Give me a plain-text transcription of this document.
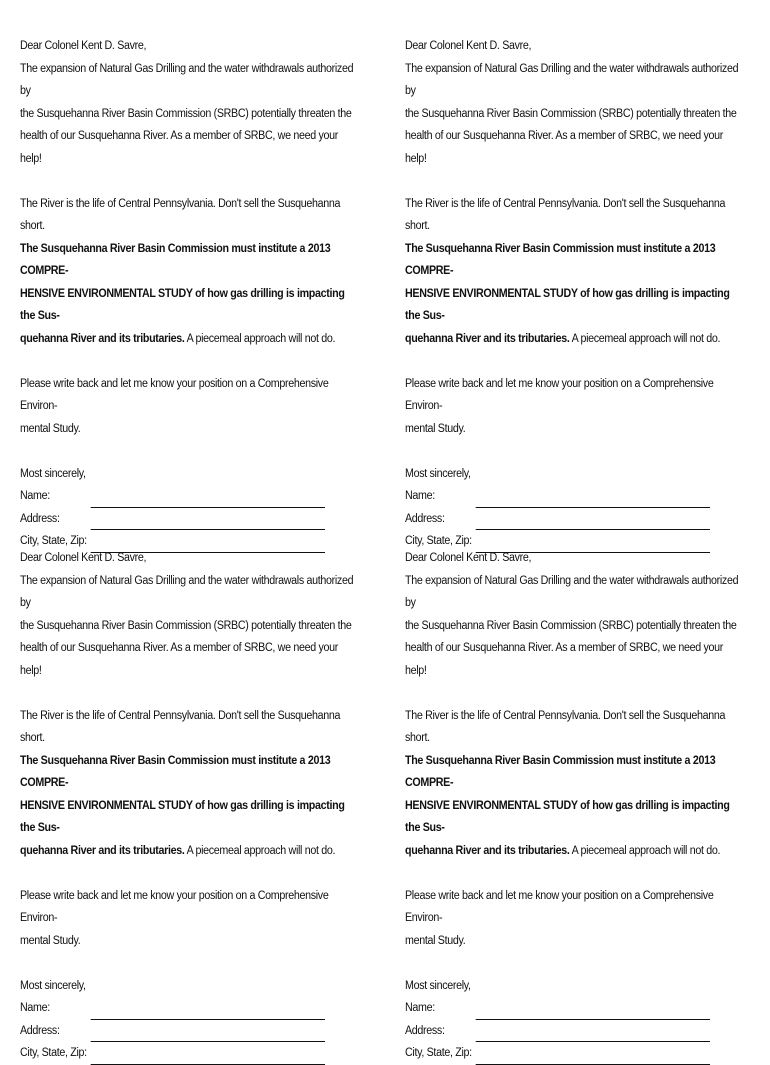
Dear Colonel Kent D. Savre,

The expansion of Natural Gas Drilling and the water withdrawals authorized by

the Susquehanna River Basin Commission (SRBC) potentially threaten the

health of our Susquehanna River. As a member of SRBC, we need your help!

The River is the life of Central Pennsylvania. Don't sell the Susquehanna short.

The Susquehanna River Basin Commission must institute a 2013 COMPRE-

HENSIVE ENVIRONMENTAL STUDY of how gas drilling is impacting the Sus-

quehanna River and its tributaries. A piecemeal approach will not do.

Please write back and let me know your position on a Comprehensive Environ-

mental Study.

Most sincerely,

Name:
Address:
City, State, Zip:

Dear Colonel Kent D. Savre,

The expansion of Natural Gas Drilling and the water withdrawals authorized by

the Susquehanna River Basin Commission (SRBC) potentially threaten the

health of our Susquehanna River. As a member of SRBC, we need your help!

The River is the life of Central Pennsylvania. Don't sell the Susquehanna short.

The Susquehanna River Basin Commission must institute a 2013 COMPRE-

HENSIVE ENVIRONMENTAL STUDY of how gas drilling is impacting the Sus-

quehanna River and its tributaries. A piecemeal approach will not do.

Please write back and let me know your position on a Comprehensive Environ-

mental Study.

Most sincerely,

Name:
Address:
City, State, Zip:

Dear Colonel Kent D. Savre,

The expansion of Natural Gas Drilling and the water withdrawals authorized by

the Susquehanna River Basin Commission (SRBC) potentially threaten the

health of our Susquehanna River. As a member of SRBC, we need your help!

The River is the life of Central Pennsylvania. Don't sell the Susquehanna short.

The Susquehanna River Basin Commission must institute a 2013 COMPRE-

HENSIVE ENVIRONMENTAL STUDY of how gas drilling is impacting the Sus-

quehanna River and its tributaries. A piecemeal approach will not do.

Please write back and let me know your position on a Comprehensive Environ-

mental Study.

Most sincerely,

Name:
Address:
City, State, Zip:

Dear Colonel Kent D. Savre,

The expansion of Natural Gas Drilling and the water withdrawals authorized by

the Susquehanna River Basin Commission (SRBC) potentially threaten the

health of our Susquehanna River. As a member of SRBC, we need your help!

The River is the life of Central Pennsylvania. Don't sell the Susquehanna short.

The Susquehanna River Basin Commission must institute a 2013 COMPRE-

HENSIVE ENVIRONMENTAL STUDY of how gas drilling is impacting the Sus-

quehanna River and its tributaries. A piecemeal approach will not do.

Please write back and let me know your position on a Comprehensive Environ-

mental Study.

Most sincerely,

Name:
Address:
City, State, Zip:
